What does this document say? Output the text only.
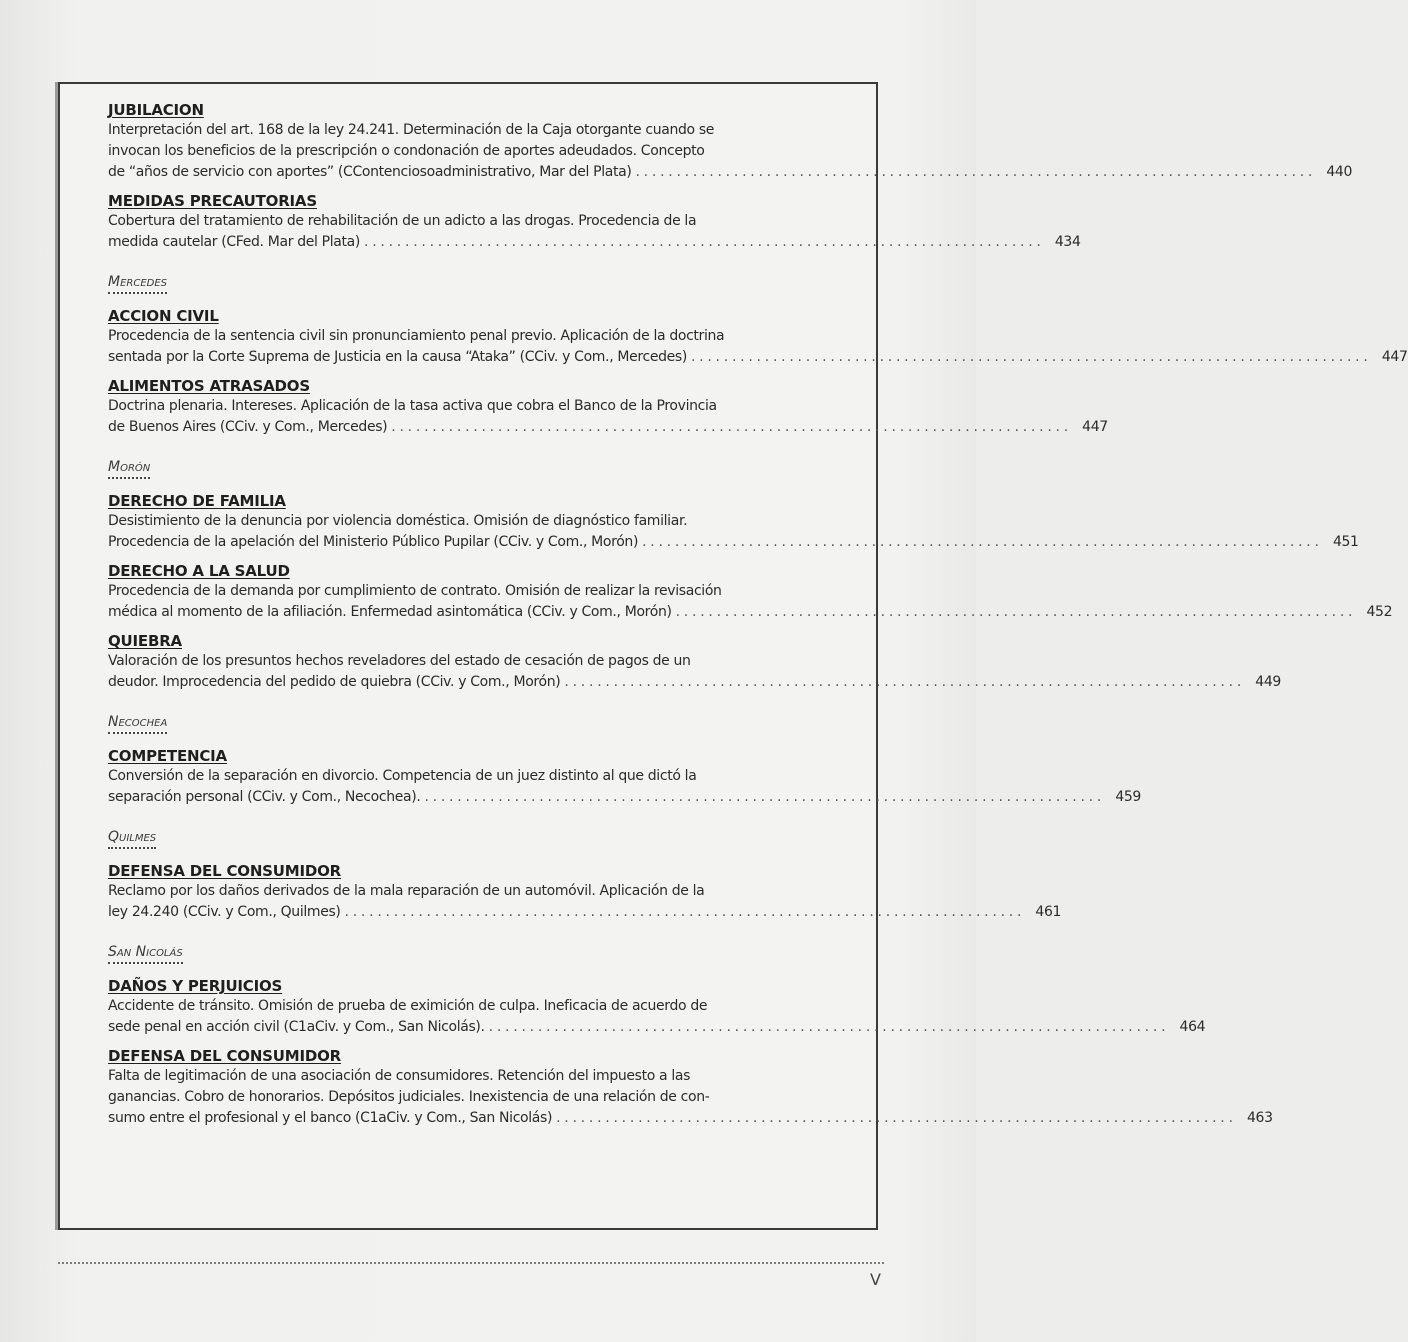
JUBILACION
Interpretación del art. 168 de la ley 24.241. Determinación de la Caja otorgante cuando se
invocan los beneficios de la prescripción o condonación de aportes adeudados. Concepto
de “años de servicio con aportes” (CContenciosoadministrativo, Mar del Plata) . . . . . . . . . . . . . . . . . . . . . . . . . . . . . . . . . . . . . . . . . . . . . . . . . . . . . . . . . . . . . . . . . . . . . . . . . . . . . . . . . . .	440
MEDIDAS PRECAUTORIAS
Cobertura del tratamiento de rehabilitación de un adicto a las drogas. Procedencia de la
medida cautelar (CFed. Mar del Plata) . . . . . . . . . . . . . . . . . . . . . . . . . . . . . . . . . . . . . . . . . . . . . . . . . . . . . . . . . . . . . . . . . . . . . . . . . . . . . . . . . . .	434
Mercedes
ACCION CIVIL
Procedencia de la sentencia civil sin pronunciamiento penal previo. Aplicación de la doctrina
sentada por la Corte Suprema de Justicia en la causa “Ataka” (CCiv. y Com., Mercedes) . . . . . . . . . . . . . . . . . . . . . . . . . . . . . . . . . . . . . . . . . . . . . . . . . . . . . . . . . . . . . . . . . . . . . . . . . . . . . . . . . . .	447
ALIMENTOS ATRASADOS
Doctrina plenaria. Intereses. Aplicación de la tasa activa que cobra el Banco de la Provincia
de Buenos Aires (CCiv. y Com., Mercedes) . . . . . . . . . . . . . . . . . . . . . . . . . . . . . . . . . . . . . . . . . . . . . . . . . . . . . . . . . . . . . . . . . . . . . . . . . . . . . . . . . . .	447
Morón
DERECHO DE FAMILIA
Desistimiento de la denuncia por violencia doméstica. Omisión de diagnóstico familiar.
Procedencia de la apelación del Ministerio Público Pupilar (CCiv. y Com., Morón) . . . . . . . . . . . . . . . . . . . . . . . . . . . . . . . . . . . . . . . . . . . . . . . . . . . . . . . . . . . . . . . . . . . . . . . . . . . . . . . . . . .	451
DERECHO A LA SALUD
Procedencia de la demanda por cumplimiento de contrato. Omisión de realizar la revisación
médica al momento de la afiliación. Enfermedad asintomática (CCiv. y Com., Morón) . . . . . . . . . . . . . . . . . . . . . . . . . . . . . . . . . . . . . . . . . . . . . . . . . . . . . . . . . . . . . . . . . . . . . . . . . . . . . . . . . . .	452
QUIEBRA
Valoración de los presuntos hechos reveladores del estado de cesación de pagos de un
deudor. Improcedencia del pedido de quiebra (CCiv. y Com., Morón) . . . . . . . . . . . . . . . . . . . . . . . . . . . . . . . . . . . . . . . . . . . . . . . . . . . . . . . . . . . . . . . . . . . . . . . . . . . . . . . . . . .	449
Necochea
COMPETENCIA
Conversión de la separación en divorcio. Competencia de un juez distinto al que dictó la
separación personal (CCiv. y Com., Necochea). . . . . . . . . . . . . . . . . . . . . . . . . . . . . . . . . . . . . . . . . . . . . . . . . . . . . . . . . . . . . . . . . . . . . . . . . . . . . . . . . . . .	459
Quilmes
DEFENSA DEL CONSUMIDOR
Reclamo por los daños derivados de la mala reparación de un automóvil. Aplicación de la
ley 24.240 (CCiv. y Com., Quilmes) . . . . . . . . . . . . . . . . . . . . . . . . . . . . . . . . . . . . . . . . . . . . . . . . . . . . . . . . . . . . . . . . . . . . . . . . . . . . . . . . . . .	461
San Nicolás
DAÑOS Y PERJUICIOS
Accidente de tránsito. Omisión de prueba de eximición de culpa. Ineficacia de acuerdo de
sede penal en acción civil (C1aCiv. y Com., San Nicolás). . . . . . . . . . . . . . . . . . . . . . . . . . . . . . . . . . . . . . . . . . . . . . . . . . . . . . . . . . . . . . . . . . . . . . . . . . . . . . . . . . . .	464
DEFENSA DEL CONSUMIDOR
Falta de legitimación de una asociación de consumidores. Retención del impuesto a las
ganancias. Cobro de honorarios. Depósitos judiciales. Inexistencia de una relación de con-
sumo entre el profesional y el banco (C1aCiv. y Com., San Nicolás) . . . . . . . . . . . . . . . . . . . . . . . . . . . . . . . . . . . . . . . . . . . . . . . . . . . . . . . . . . . . . . . . . . . . . . . . . . . . . . . . . . .	463
V
